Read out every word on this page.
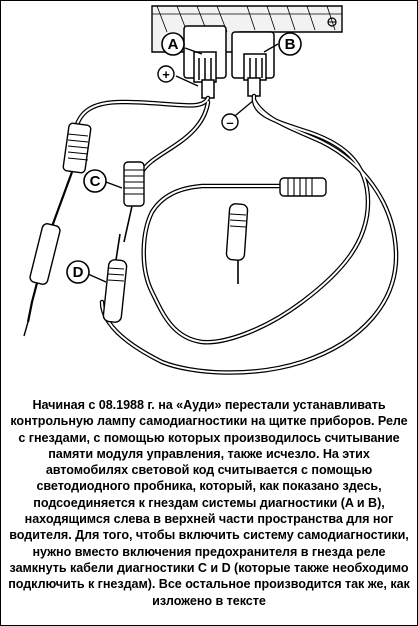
A	B
+
–
C
D
Начиная с 08.1988 г. на «Ауди» перестали устанавливать контрольную лампу самодиагностики на щитке приборов. Реле с гнездами, с помощью которых производилось считывание памяти модуля управления, также исчезло. На этих автомобилях световой код считывается с помощью светодиодного пробника, который, как показано здесь, подсоединяется к гнездам системы диагностики (A и B), находящимся слева в верхней части пространства для ног водителя. Для того, чтобы включить систему самодиагностики, нужно вместо включения предохранителя в гнезда реле замкнуть кабели диагностики C и D (которые также необходимо подключить к гнездам). Все остальное производится так же, как изложено в тексте
